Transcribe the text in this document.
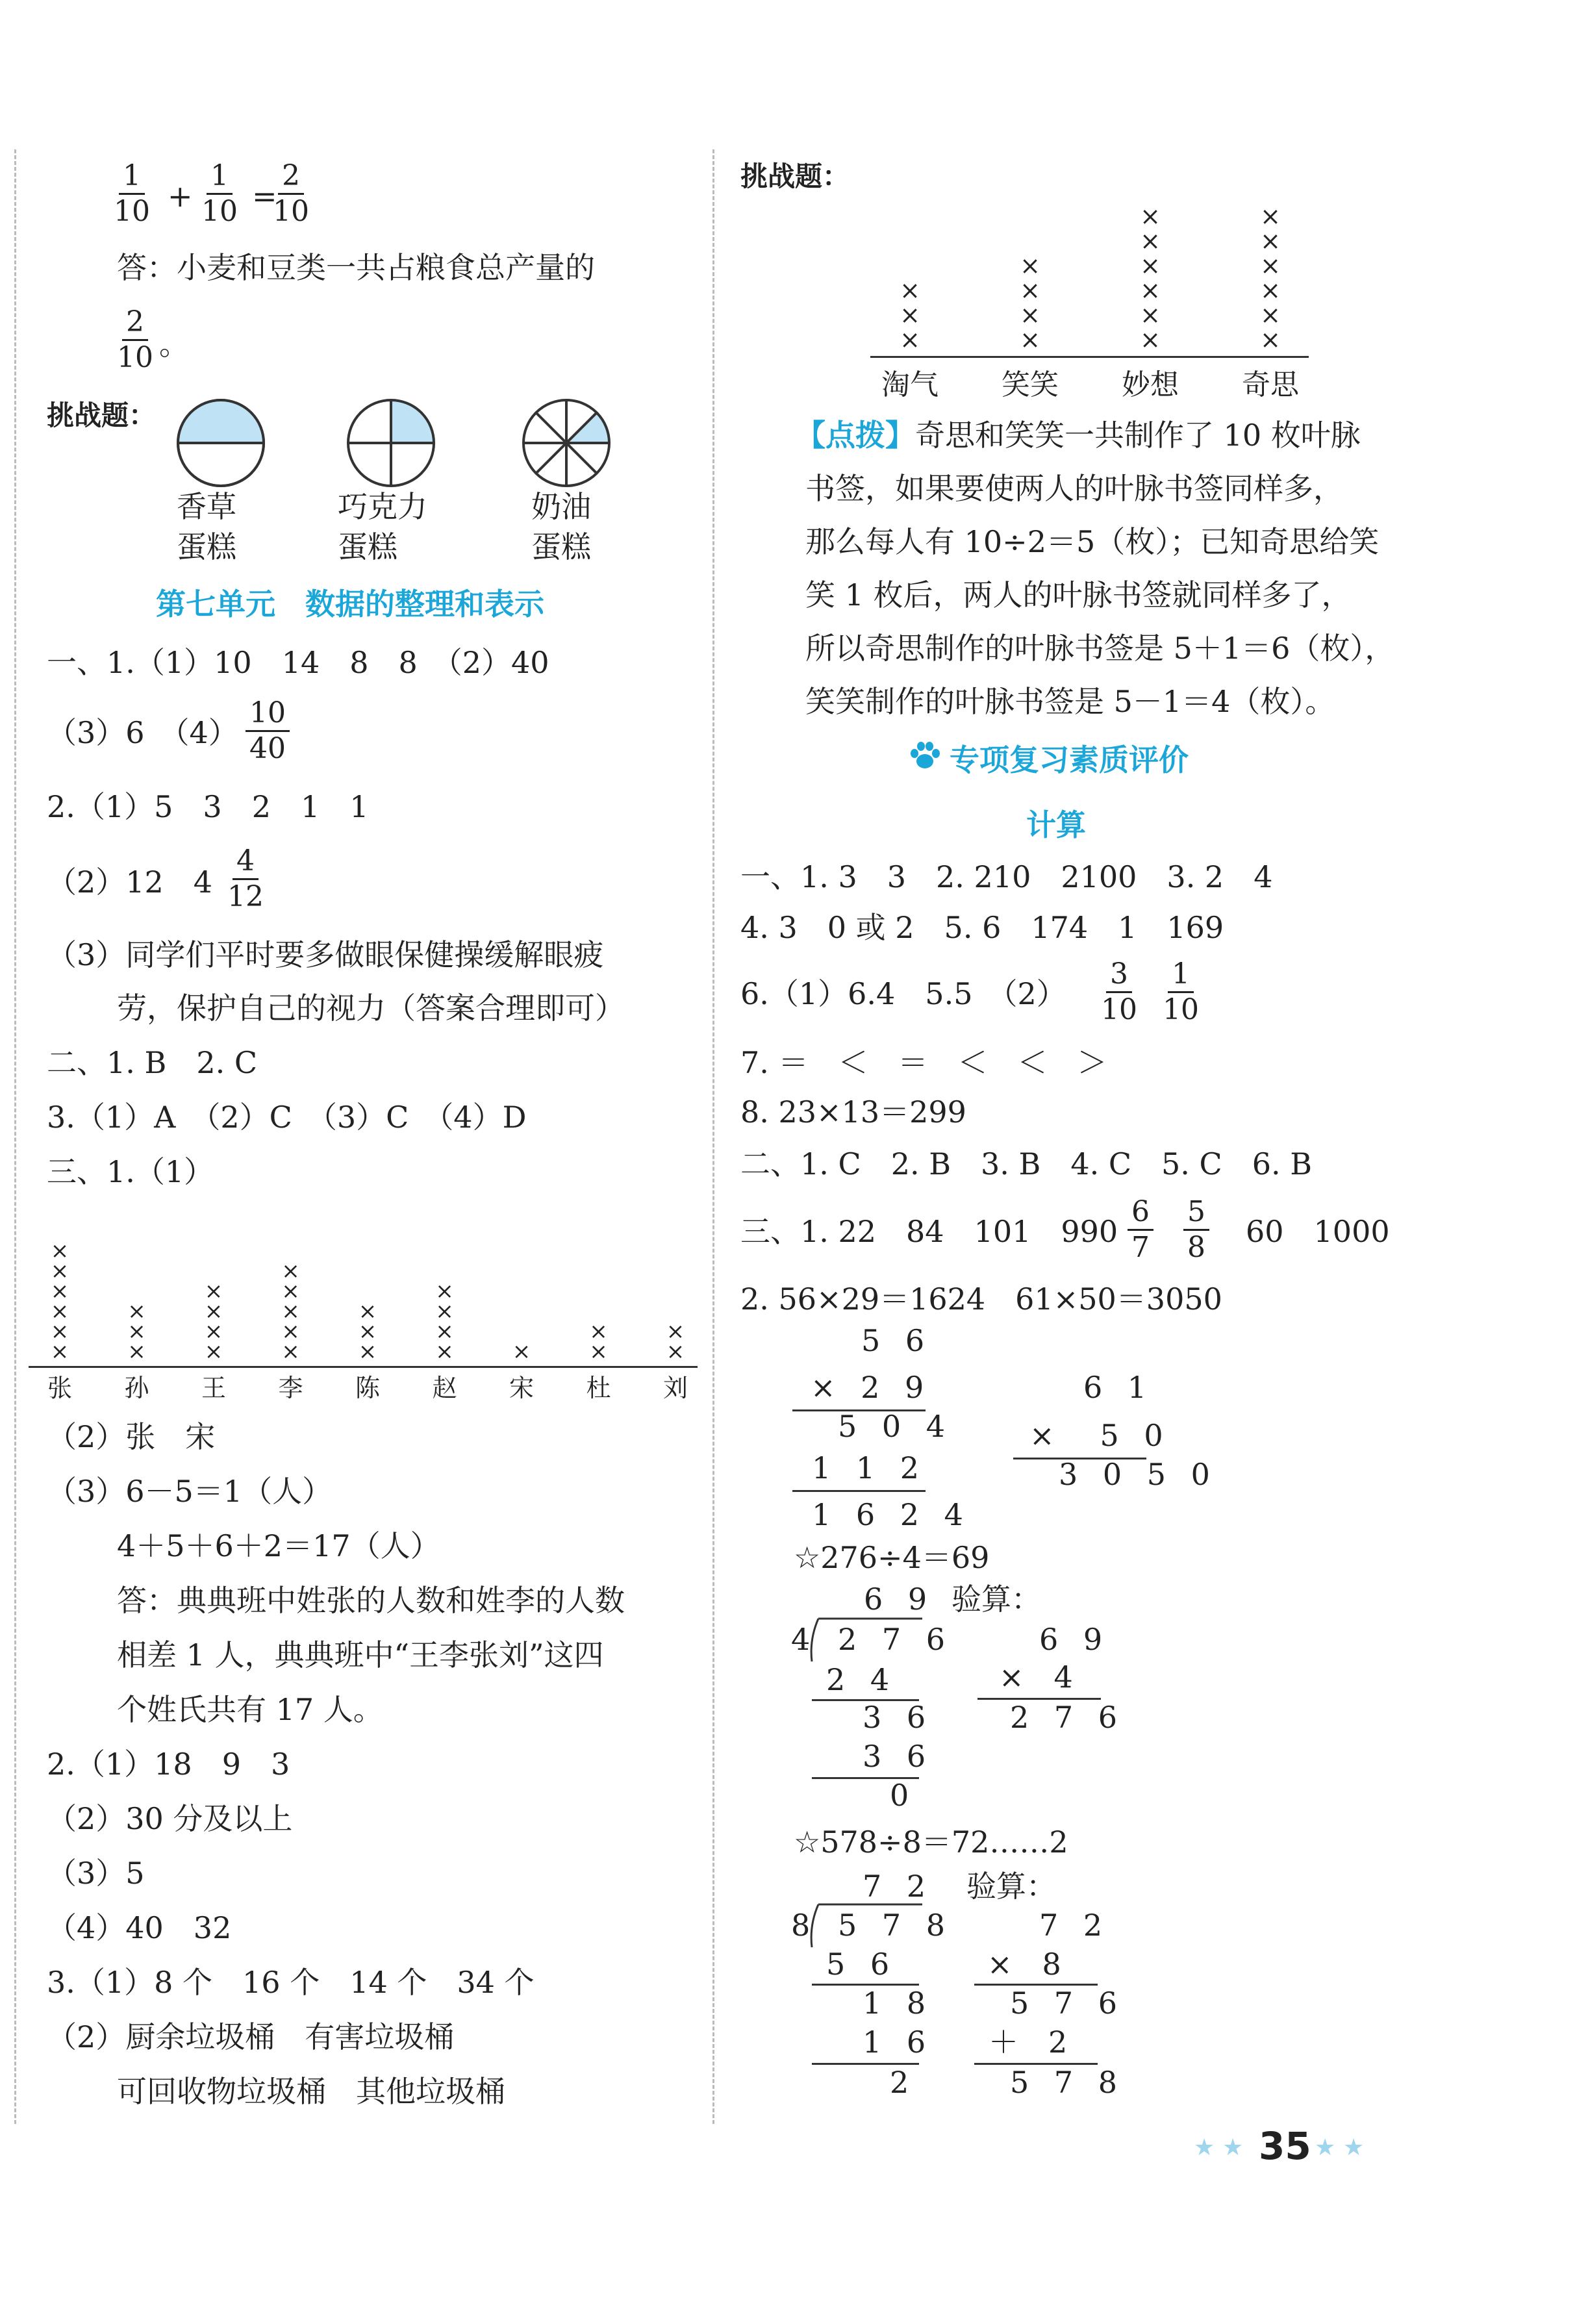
$\frac{1}{10} + \frac{1}{10}$ =
$\frac{2}{10}$
答：小麦和豆类一共占粮食总产量的
$\frac{2}{10}$ 。
挑战题：
香草
蛋糕
巧克力
蛋糕
奶油
蛋糕
第七单元　数据的整理和表示
一、1.（1）10　14　8　8　（2）40
（3）6　$(4) \frac{10}{40}$
2.（1）5　3　2　1　1
（2）12　$4 \frac{4}{12}$
（3）同学们平时要多做眼保健操缓解眼疲
劳，保护自己的视力（答案合理即可）
二、1. B　2. C
3.（1）A　（2）C　（3）C　（4）D
三、1.（1）
×
×
×
×
×
×
张
×
×
×
孙
×
×
×
×
王
×
×
×
×
×
李
×
×
×
陈
×
×
×
×
赵
×
宋
×
×
杜
×
×
刘
（2）张　宋
（3）6－5＝1（人）
4＋5＋6＋2＝17（人）
答：典典班中姓张的人数和姓李的人数
相差 1 人，典典班中“王李张刘”这四
个姓氏共有 17 人。
2.（1）18　9　3
（2）30 分及以上
（3）5
（4）40　32
3.（1）8 个　16 个　14 个　34 个
（2）厨余垃圾桶　有害垃圾桶
可回收物垃圾桶　其他垃圾桶
挑战题：
×
×
×
淘气
×
×
×
×
笑笑
×
×
×
×
×
×
妙想
×
×
×
×
×
×
奇思
【点拨】奇思和笑笑一共制作了 10 枚叶脉
书签，如果要使两人的叶脉书签同样多，
那么每人有 10÷2＝5（枚）；已知奇思给笑
笑 1 枚后，两人的叶脉书签就同样多了，
所以奇思制作的叶脉书签是 5＋1＝6（枚），
笑笑制作的叶脉书签是 5－1＝4（枚）。
专项复习素质评价
计算
一、1. 3　3　2. 210　2100　3. 2　4
4. 3　0 或 2　5. 6　174　1　169
6.（1）6.4　5.5　$(2) \frac{3}{10} \frac{1}{10}$
7. ＝　＜　＝　＜　＜　＞
8. 23×13＝299
二、1. C　2. B　3. B　4. C　5. C　6. B
三、1. 22　84　101　$990 \frac{6}{7} \frac{5}{8} 60$　1000
2. 56×29＝1624　61×50＝3050
5 6
× 2 9
5 0 4
1 1 2
1 6 2 4
6 1
×　5 0
3 0 5 0
☆276÷4＝69
6 9
4 2 7 6
2 4
3 6
3 6
0
验算：
6 9
×　4
2 7 6
☆578÷8＝72……2
7 2
8 5 7 8
5 6
1 8
1 6
2
验算：
7 2
×　8
5 7 6
＋　2
5 7 8
★ ★ 35 ★ ★
